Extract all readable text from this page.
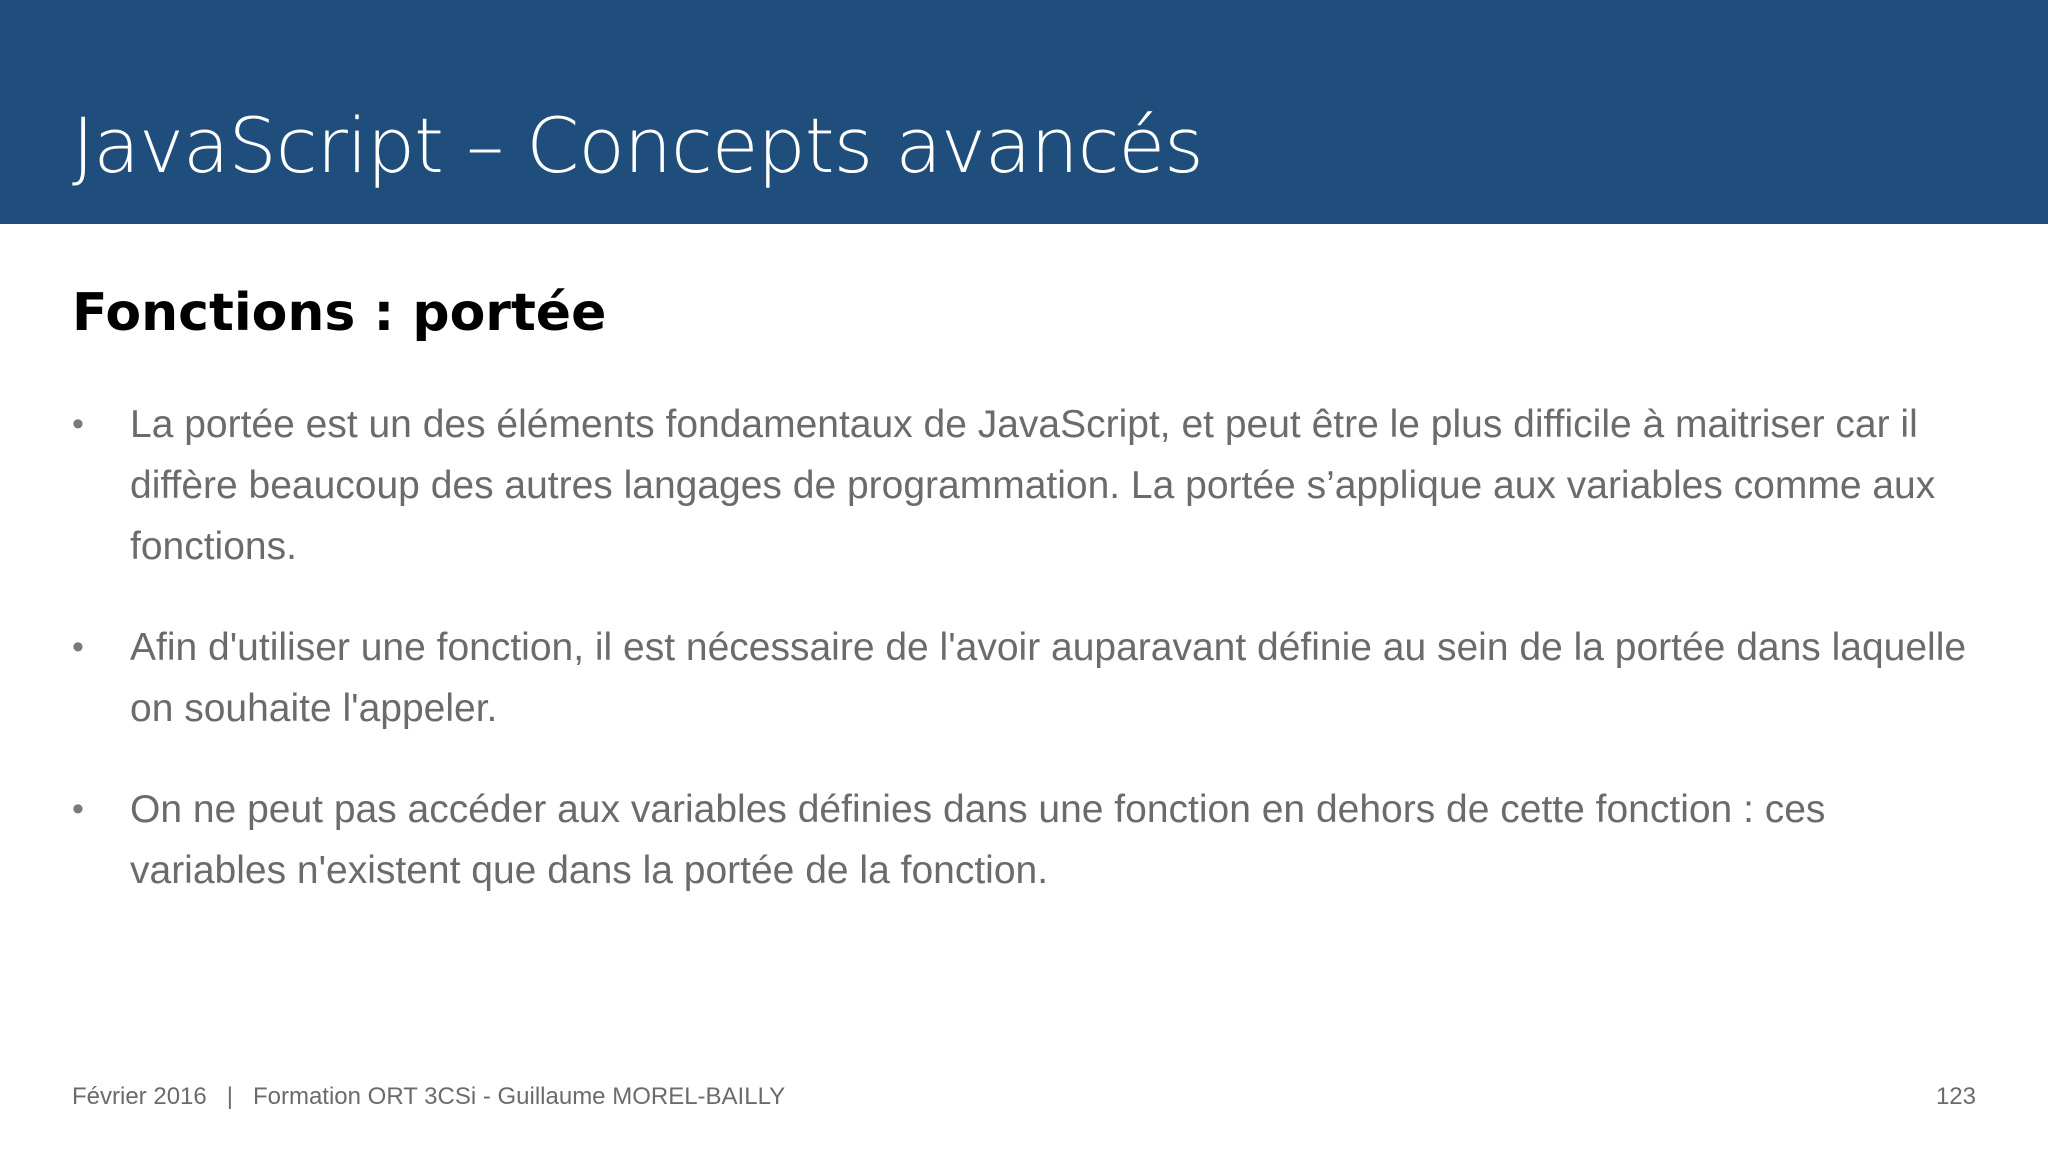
JavaScript – Concepts avancés
Fonctions : portée
•	La portée est un des éléments fondamentaux de JavaScript, et peut être le plus difficile à maitriser car il diffère beaucoup des autres langages de programmation. La portée s’applique aux variables comme aux fonctions.
•	Afin d'utiliser une fonction, il est nécessaire de l'avoir auparavant définie au sein de la portée dans laquelle on souhaite l'appeler.
•	On ne peut pas accéder aux variables définies dans une fonction en dehors de cette fonction : ces variables n'existent que dans la portée de la fonction.
Février 2016 | Formation ORT 3CSi - Guillaume MOREL-BAILLY	123
